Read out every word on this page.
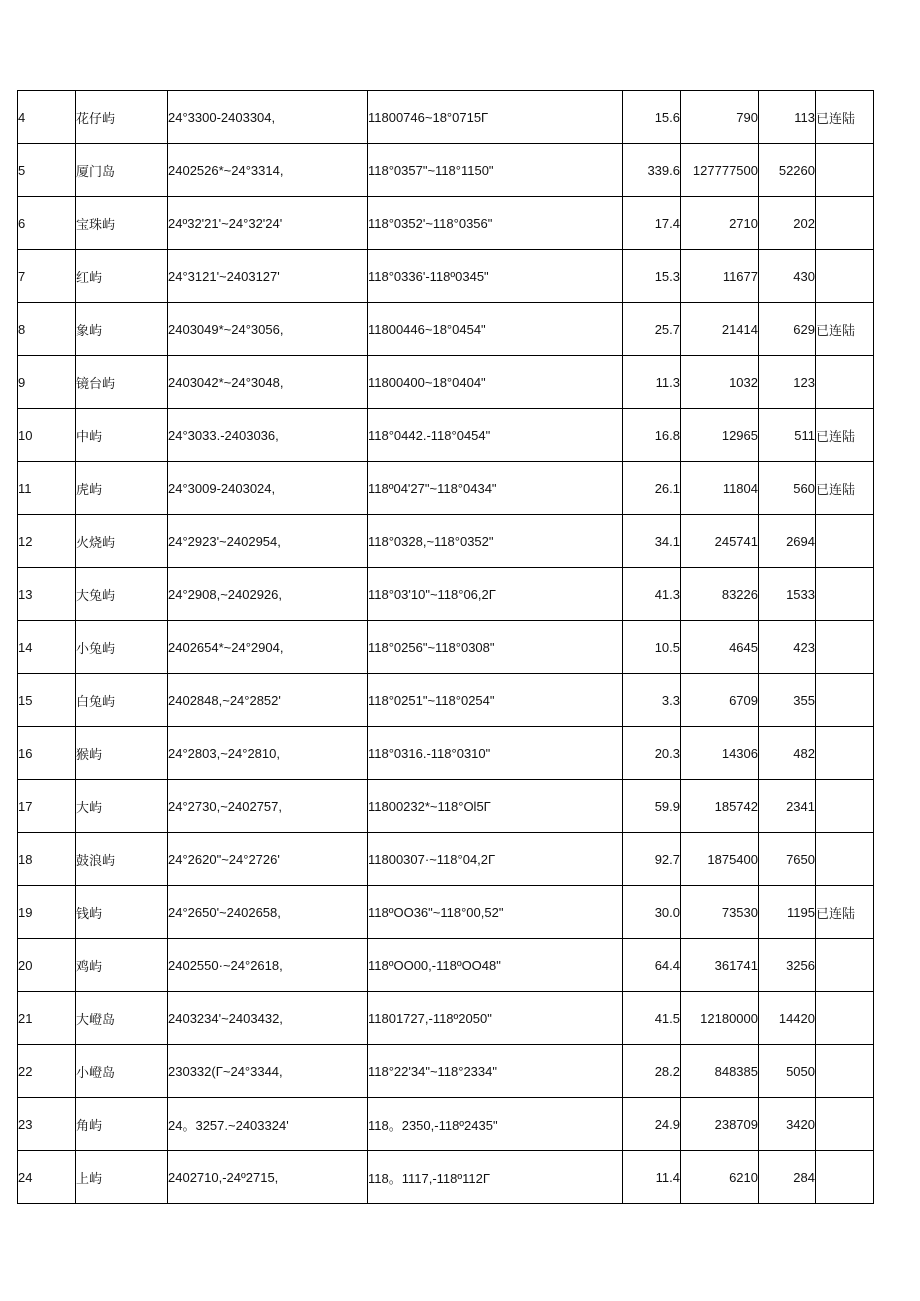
4	花仔屿	24°3300-2403304,	11800746~18°0715Γ	15.6	790	113	已连陆
5	厦门岛	2402526*~24°3314,	118°0357"~118°1150"	339.6	127777500	52260	
6	宝珠屿	24º32'21'~24°32'24'	118°0352'~118°0356"	17.4	2710	202	
7	红屿	24°3121'~2403127'	118°0336'-118º0345"	15.3	11677	430	
8	象屿	2403049*~24°3056,	11800446~18°0454"	25.7	21414	629	已连陆
9	镜台屿	2403042*~24°3048,	11800400~18°0404"	11.3	1032	123	
10	中屿	24°3033.-2403036,	118°0442.-118°0454"	16.8	12965	511	已连陆
11	虎屿	24°3009-2403024,	118º04'27"~118°0434"	26.1	11804	560	已连陆
12	火烧屿	24°2923'~2402954,	118°0328,~118°0352"	34.1	245741	2694	
13	大兔屿	24°2908,~2402926,	118°03'10"~118°06,2Γ	41.3	83226	1533	
14	小兔屿	2402654*~24°2904,	118°0256"~118°0308"	10.5	4645	423	
15	白兔屿	2402848,~24°2852'	118°0251"~118°0254"	3.3	6709	355	
16	猴屿	24°2803,~24°2810,	118°0316.-118°0310"	20.3	14306	482	
17	大屿	24°2730,~2402757,	11800232*~118°Ol5Γ	59.9	185742	2341	
18	鼓浪屿	24°2620"~24°2726'	11800307·~118°04,2Γ	92.7	1875400	7650	
19	钱屿	24°2650'~2402658,	118ºOO36"~118°00,52"	30.0	73530	1195	已连陆
20	鸡屿	2402550·~24°2618,	118ºOO00,-118ºOO48"	64.4	361741	3256	
21	大嶝岛	2403234'~2403432,	11801727,-118º2050"	41.5	12180000	14420	
22	小嶝岛	230332(Γ~24°3344,	118°22'34"~118°2334"	28.2	848385	5050	
23	角屿	24。3257.~2403324'	118。2350,-118º2435"	24.9	238709	3420	
24	上屿	2402710,-24º2715,	118。1117,-118º112Γ	11.4	6210	284	
